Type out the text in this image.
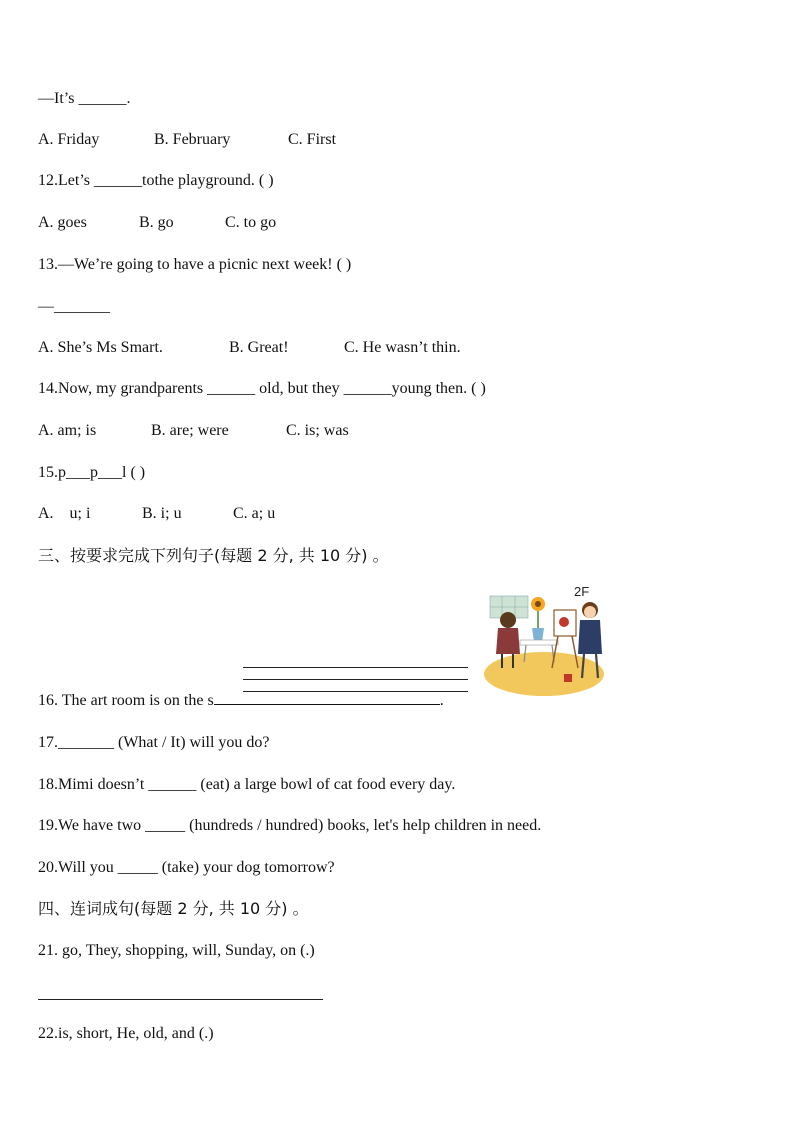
—It’s ______.
A. Friday	B. February	C. First
12.Let’s ______tothe playground. ( )
A. goes	B. go	C. to go
13.—We’re going to have a picnic next week! ( )
—_______
A. She’s Ms Smart.	B. Great!	C. He wasn’t thin.
14.Now, my grandparents ______ old, but they ______young then. ( )
A. am; is	B. are; were	C. is; was
15.p___p___l ( )
A.    u; i	B. i; u	C. a; u
三、按要求完成下列句子(每题 2 分, 共 10 分) 。
2F
16. The art room is on the s	.
17._______ (What / It) will you do?
18.Mimi doesn’t ______ (eat) a large bowl of cat food every day.
19.We have two _____ (hundreds / hundred) books, let's help children in need.
20.Will you _____ (take) your dog tomorrow?
四、连词成句(每题 2 分, 共 10 分) 。
21. go, They, shopping, will, Sunday, on (.)
22.is, short, He, old, and (.)
